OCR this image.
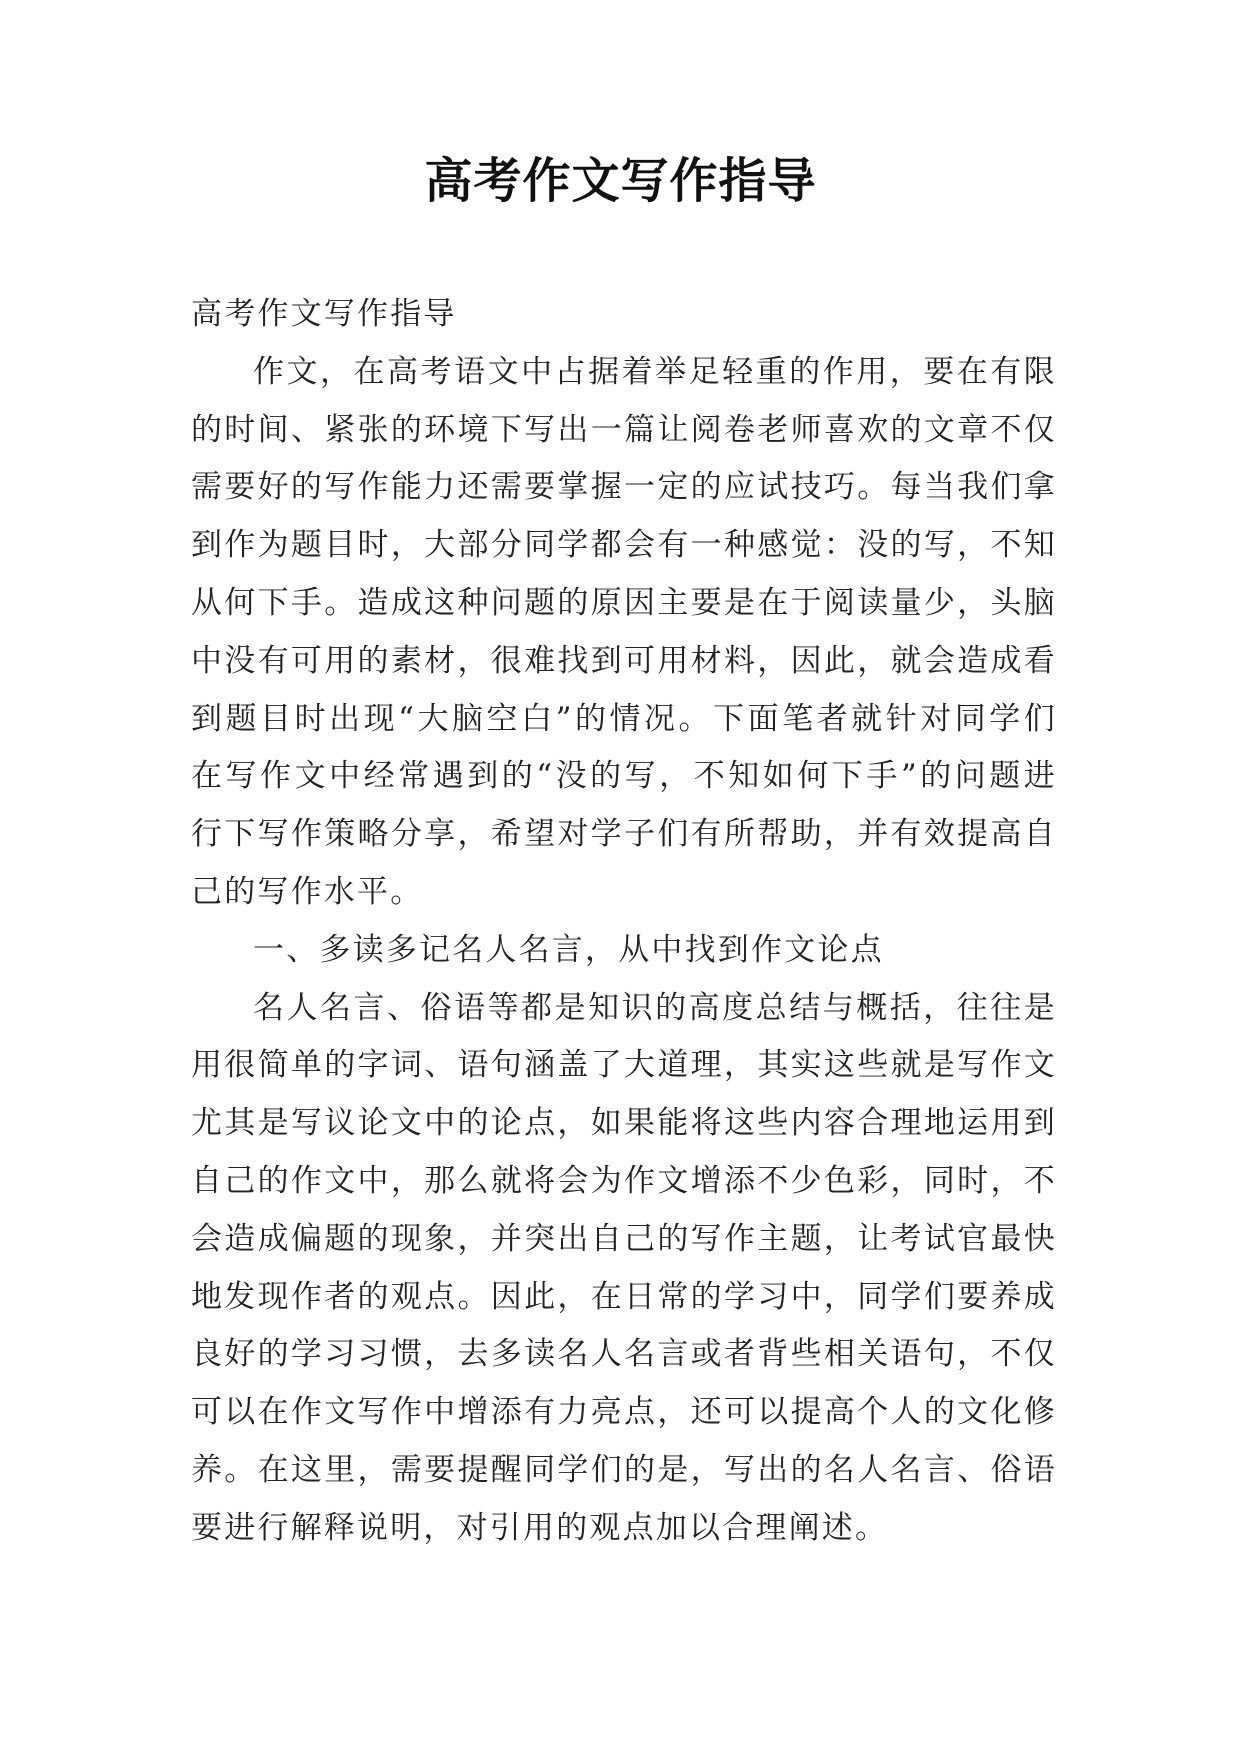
高考作文写作指导

高考作文写作指导

作文，在高考语文中占据着举足轻重的作用，要在有限的时间、紧张的环境下写出一篇让阅卷老师喜欢的文章不仅需要好的写作能力还需要掌握一定的应试技巧。每当我们拿到作为题目时，大部分同学都会有一种感觉：没的写，不知从何下手。造成这种问题的原因主要是在于阅读量少，头脑中没有可用的素材，很难找到可用材料，因此，就会造成看到题目时出现“大脑空白”的情况。下面笔者就针对同学们在写作文中经常遇到的“没的写，不知如何下手”的问题进行下写作策略分享，希望对学子们有所帮助，并有效提高自己的写作水平。

一、多读多记名人名言，从中找到作文论点

名人名言、俗语等都是知识的高度总结与概括，往往是用很简单的字词、语句涵盖了大道理，其实这些就是写作文尤其是写议论文中的论点，如果能将这些内容合理地运用到自己的作文中，那么就将会为作文增添不少色彩，同时，不会造成偏题的现象，并突出自己的写作主题，让考试官最快地发现作者的观点。因此，在日常的学习中，同学们要养成良好的学习习惯，去多读名人名言或者背些相关语句，不仅可以在作文写作中增添有力亮点，还可以提高个人的文化修养。在这里，需要提醒同学们的是，写出的名人名言、俗语要进行解释说明，对引用的观点加以合理阐述。
